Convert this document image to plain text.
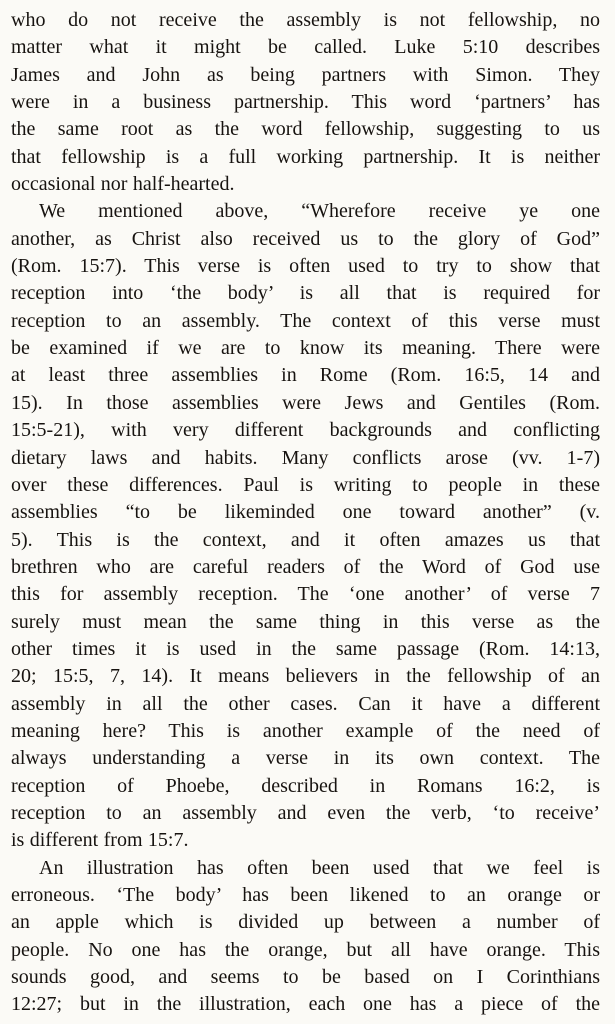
who do not receive the assembly is not fellowship, no
matter what it might be called. Luke 5:10 describes
James and John as being partners with Simon. They
were in a business partnership. This word ‘partners’ has
the same root as the word fellowship, suggesting to us
that fellowship is a full working partnership. It is neither
occasional nor half-hearted.
We mentioned above, “Wherefore receive ye one
another, as Christ also received us to the glory of God”
(Rom. 15:7). This verse is often used to try to show that
reception into ‘the body’ is all that is required for
reception to an assembly. The context of this verse must
be examined if we are to know its meaning. There were
at least three assemblies in Rome (Rom. 16:5, 14 and
15). In those assemblies were Jews and Gentiles (Rom.
15:5-21), with very different backgrounds and conflicting
dietary laws and habits. Many conflicts arose (vv. 1-7)
over these differences. Paul is writing to people in these
assemblies “to be likeminded one toward another” (v.
5). This is the context, and it often amazes us that
brethren who are careful readers of the Word of God use
this for assembly reception. The ‘one another’ of verse 7
surely must mean the same thing in this verse as the
other times it is used in the same passage (Rom. 14:13,
20; 15:5, 7, 14). It means believers in the fellowship of an
assembly in all the other cases. Can it have a different
meaning here? This is another example of the need of
always understanding a verse in its own context. The
reception of Phoebe, described in Romans 16:2, is
reception to an assembly and even the verb, ‘to receive’
is different from 15:7.
An illustration has often been used that we feel is
erroneous. ‘The body’ has been likened to an orange or
an apple which is divided up between a number of
people. No one has the orange, but all have orange. This
sounds good, and seems to be based on I Corinthians
12:27; but in the illustration, each one has a piece of the
